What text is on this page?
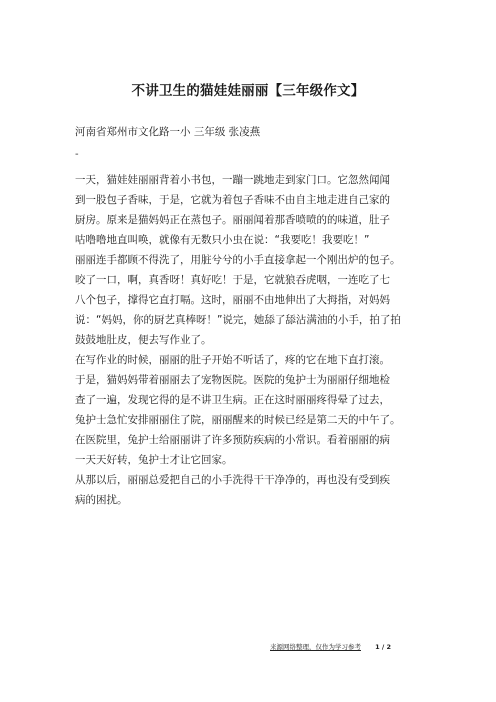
不讲卫生的猫娃娃丽丽【三年级作文】
河南省郑州市文化路一小 三年级 张凌燕
-
一天，猫娃娃丽丽背着小书包，一蹦一跳地走到家门口。它忽然闻闻
到一股包子香味，于是，它就为着包子香味不由自主地走进自己家的
厨房。原来是猫妈妈正在蒸包子。丽丽闻着那香喷喷的的味道，肚子
咕噜噜地直叫唤，就像有无数只小虫在说：“我要吃！我要吃！”
丽丽连手都顾不得洗了，用脏兮兮的小手直接拿起一个刚出炉的包子。
咬了一口，啊，真香呀！真好吃！于是，它就狼吞虎咽，一连吃了七
八个包子，撑得它直打嗝。这时，丽丽不由地伸出了大拇指，对妈妈
说：“妈妈，你的厨艺真棒呀！”说完，她舔了舔沾满油的小手，拍了拍
鼓鼓地肚皮，便去写作业了。
在写作业的时候，丽丽的肚子开始不听话了，疼的它在地下直打滚。
于是，猫妈妈带着丽丽去了宠物医院。医院的兔护士为丽丽仔细地检
查了一遍，发现它得的是不讲卫生病。正在这时丽丽疼得晕了过去，
兔护士急忙安排丽丽住了院，丽丽醒来的时候已经是第二天的中午了。
在医院里，兔护士给丽丽讲了许多预防疾病的小常识。看着丽丽的病
一天天好转，兔护士才让它回家。
从那以后，丽丽总爱把自己的小手洗得干干净净的，再也没有受到疾
病的困扰。
来源网络整理，仅作为学习参考 1 / 2
